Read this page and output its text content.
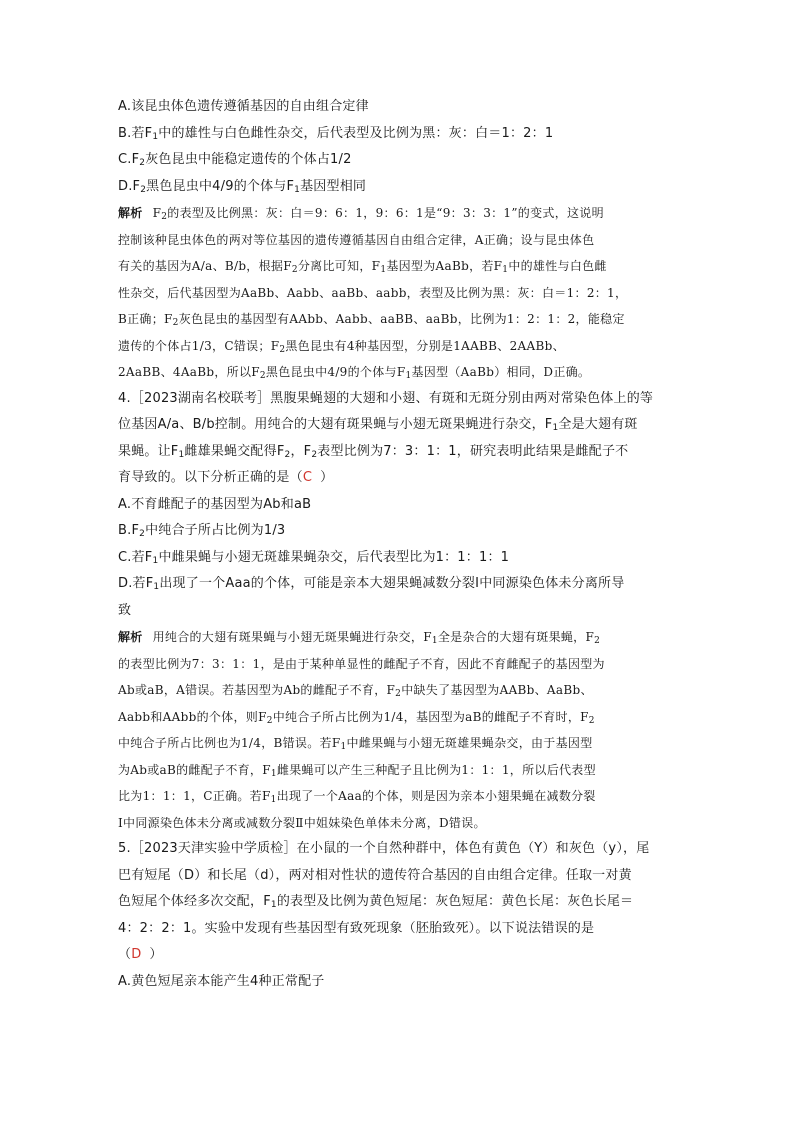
A.该昆虫体色遗传遵循基因的自由组合定律
B.若$F_1$中的雄性与白色雌性杂交，后代表型及比例为黑：灰：白＝1：2：1
$C.F_2$灰色昆虫中能稳定遗传的个体占1/2
$D.F_2$黑色昆虫中4/9的个体与$F_1$基因型相同
解析 $F_2$的表型及比例黑：灰：白＝9：6：1，9：6：1是“9：3：3：1”的变式，这说明
控制该种昆虫体色的两对等位基因的遗传遵循基因自由组合定律，A正确；设与昆虫体色
有关的基因为A/a、B/b，根据$F_2$分离比可知，$F_1$基因型为AaBb，若$F_1$中的雄性与白色雌
性杂交，后代基因型为AaBb、Aabb、aaBb、aabb，表型及比例为黑：灰：白＝1：2：1，
B正确；$F_2$灰色昆虫的基因型有AAbb、Aabb、aaBB、aaBb，比例为1：2：1：2，能稳定
遗传的个体占1/3，C错误；$F_2$黑色昆虫有4种基因型，分别是1AABB、2AABb、
2AaBB、4AaBb，所以$F_2$黑色昆虫中4/9的个体与$F_1$基因型（AaBb）相同，D正确。
4.［2023湖南名校联考］黑腹果蝇翅的大翅和小翅、有斑和无斑分别由两对常染色体上的等
位基因A/a、B/b控制。用纯合的大翅有斑果蝇与小翅无斑果蝇进行杂交，$F_1$全是大翅有斑
果蝇。让$F_1$雌雄果蝇交配得$F_2$，$F_2$表型比例为7：3：1：1，研究表明此结果是雌配子不
育导致的。以下分析正确的是（C ）
A.不育雌配子的基因型为Ab和aB
$B.F_2$中纯合子所占比例为1/3
C.若$F_1$中雌果蝇与小翅无斑雄果蝇杂交，后代表型比为1：1：1：1
D.若$F_1$出现了一个Aaa的个体，可能是亲本大翅果蝇减数分裂Ⅰ中同源染色体未分离所导
致
解析 用纯合的大翅有斑果蝇与小翅无斑果蝇进行杂交，$F_1$全是杂合的大翅有斑果蝇，$F_2$
的表型比例为7：3：1：1，是由于某种单显性的雌配子不育，因此不育雌配子的基因型为
Ab或aB，A错误。若基因型为Ab的雌配子不育，$F_2$中缺失了基因型为AABb、AaBb、
Aabb和AAbb的个体，则$F_2$中纯合子所占比例为1/4，基因型为aB的雌配子不育时，$F_2$
中纯合子所占比例也为1/4，B错误。若$F_1$中雌果蝇与小翅无斑雄果蝇杂交，由于基因型
为Ab或aB的雌配子不育，$F_1$雌果蝇可以产生三种配子且比例为1：1：1，所以后代表型
比为1：1：1，C正确。若$F_1$出现了一个Aaa的个体，则是因为亲本小翅果蝇在减数分裂
Ⅰ中同源染色体未分离或减数分裂Ⅱ中姐妹染色单体未分离，D错误。
5.［2023天津实验中学质检］在小鼠的一个自然种群中，体色有黄色（Y）和灰色（y），尾
巴有短尾（D）和长尾（d），两对相对性状的遗传符合基因的自由组合定律。任取一对黄
色短尾个体经多次交配，$F_1$的表型及比例为黄色短尾：灰色短尾：黄色长尾：灰色长尾＝
4：2：2：1。实验中发现有些基因型有致死现象（胚胎致死）。以下说法错误的是
（D ）
A.黄色短尾亲本能产生4种正常配子
